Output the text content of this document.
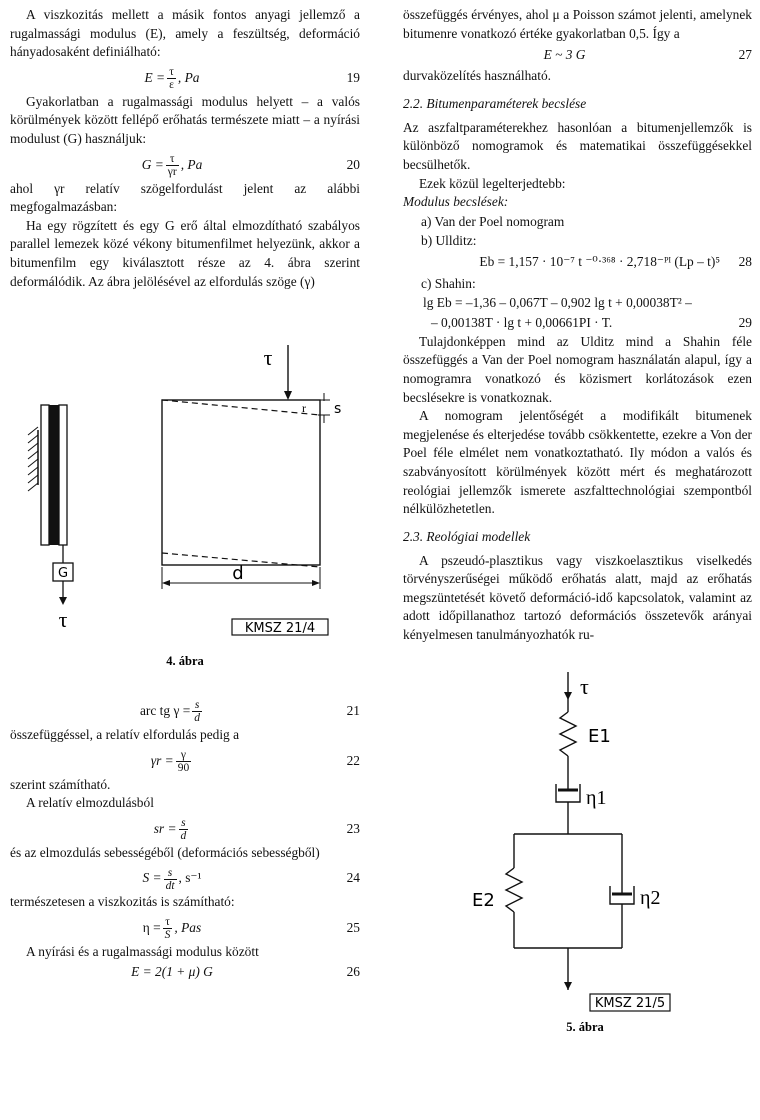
A viszkozitás mellett a másik fontos anyagi jellemző a rugalmassági modulus (E), amely a feszültség, deformáció hányadosaként definiálható:

$E = \frac{\tau}{\varepsilon}$ , Pa	19

Gyakorlatban a rugalmassági modulus helyett – a valós körülmények között fellépő erőhatás természete miatt – a nyírási modulust (G) használjuk:

$G = \frac{\tau}{\gamma r}$ , Pa	20

ahol γr relatív szögelfordulást jelent az alábbi megfogalmazásban:

Ha egy rögzített és egy G erő által elmozdítható szabályos parallel lemezek közé vékony bitumenfilmet helyezünk, akkor a bitumenfilm egy kiválasztott része az 4. ábra szerint deformálódik. Az ábra jelölésével az elfordulás szöge (γ)

G
τ
τ
r s
d
KMSZ 21/4
4. ábra
arc tg $\gamma = \frac{s}{d}$	21

összefüggéssel, a relatív elfordulás pedig a

$\gamma r = \frac{\gamma}{90}$	22

szerint számítható.

A relatív elmozdulásból

sr = $\frac{s}{d}$	23

és az elmozdulás sebességéből (deformációs sebességből)

$S = \frac{s}{dt}$ , s⁻¹	24

természetesen a viszkozitás is számítható:

$\eta = \frac{\tau}{S}$ , Pas	25

A nyírási és a rugalmassági modulus között

E = 2(1 + μ) G	26

összefüggés érvényes, ahol μ a Poisson számot jelenti, amelynek bitumenre vonatkozó értéke gyakorlatban 0,5. Így a

E ~ 3 G	27

durvaközelítés használható.

2.2. Bitumenparaméterek becslése

Az aszfaltparaméterekhez hasonlóan a bitumenjellemzők is különböző nomogramok és matematikai összefüggésekkel becsülhetők.

Ezek közül legelterjedtebb:

Modulus becslések:

a) Van der Poel nomogram
b) Ullditz:
Eb = 1,157 · 10⁻⁷ t ⁻⁰·³⁶⁸ · 2,718⁻ᴾᴵ (Lp – t)⁵	28
c) Shahin:
lg Eb = –1,36 – 0,067T – 0,902 lg t + 0,00038T² –
– 0,00138T · lg t + 0,00661PI · T.	29

Tulajdonképpen mind az Ulditz mind a Shahin féle összefüggés a Van der Poel nomogram használatán alapul, így a nomogramra vonatkozó és közismert korlátozások ezen becslésekre is vonatkoznak.

A nomogram jelentőségét a modifikált bitumenek megjelenése és elterjedése tovább csökkentette, ezekre a Von der Poel féle elmélet nem vonatkoztatható. Ily módon a valós és szabványosított körülmények között mért és meghatározott reológiai jellemzők ismerete aszfalttechnológiai szempontból nélkülözhetetlen.

2.3. Reológiai modellek

A pszeudó-plasztikus vagy viszkoelasztikus viselkedés törvényszerűségei működő erőhatás alatt, majd az erőhatás megszüntetését követő deformáció-idő kapcsolatok, valamint az adott időpillanathoz tartozó deformációs összetevők arányai kényelmesen tanulmányozhatók ru-

τ
E1
η1
E2	η2
KMSZ 21/5
5. ábra
